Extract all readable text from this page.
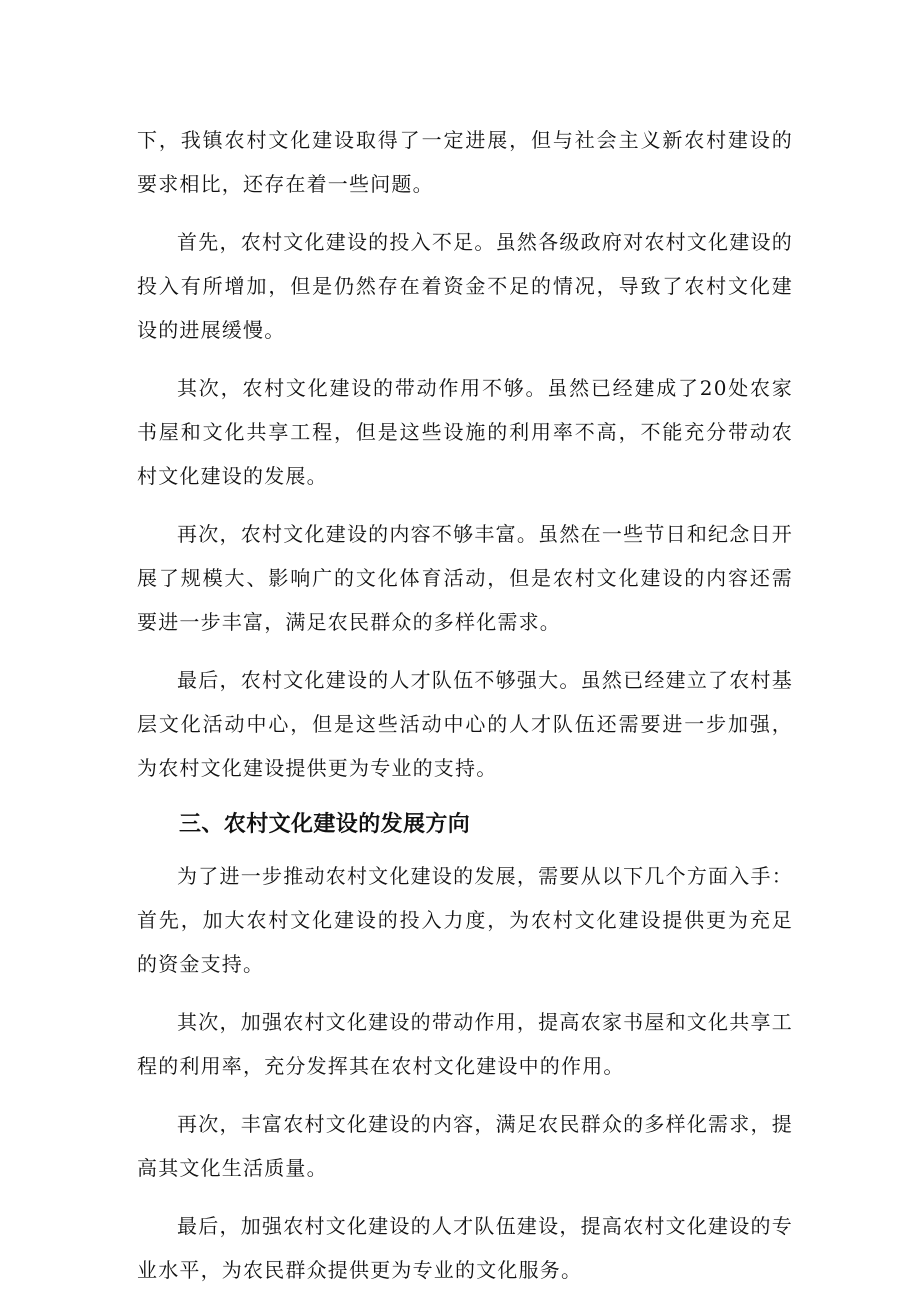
下，我镇农村文化建设取得了一定进展，但与社会主义新农村建设的要求相比，还存在着一些问题。

首先，农村文化建设的投入不足。虽然各级政府对农村文化建设的投入有所增加，但是仍然存在着资金不足的情况，导致了农村文化建设的进展缓慢。

其次，农村文化建设的带动作用不够。虽然已经建成了20处农家书屋和文化共享工程，但是这些设施的利用率不高，不能充分带动农村文化建设的发展。

再次，农村文化建设的内容不够丰富。虽然在一些节日和纪念日开展了规模大、影响广的文化体育活动，但是农村文化建设的内容还需要进一步丰富，满足农民群众的多样化需求。

最后，农村文化建设的人才队伍不够强大。虽然已经建立了农村基层文化活动中心，但是这些活动中心的人才队伍还需要进一步加强，为农村文化建设提供更为专业的支持。

三、农村文化建设的发展方向

为了进一步推动农村文化建设的发展，需要从以下几个方面入手：首先，加大农村文化建设的投入力度，为农村文化建设提供更为充足的资金支持。

其次，加强农村文化建设的带动作用，提高农家书屋和文化共享工程的利用率，充分发挥其在农村文化建设中的作用。

再次，丰富农村文化建设的内容，满足农民群众的多样化需求，提高其文化生活质量。

最后，加强农村文化建设的人才队伍建设，提高农村文化建设的专业水平，为农民群众提供更为专业的文化服务。
